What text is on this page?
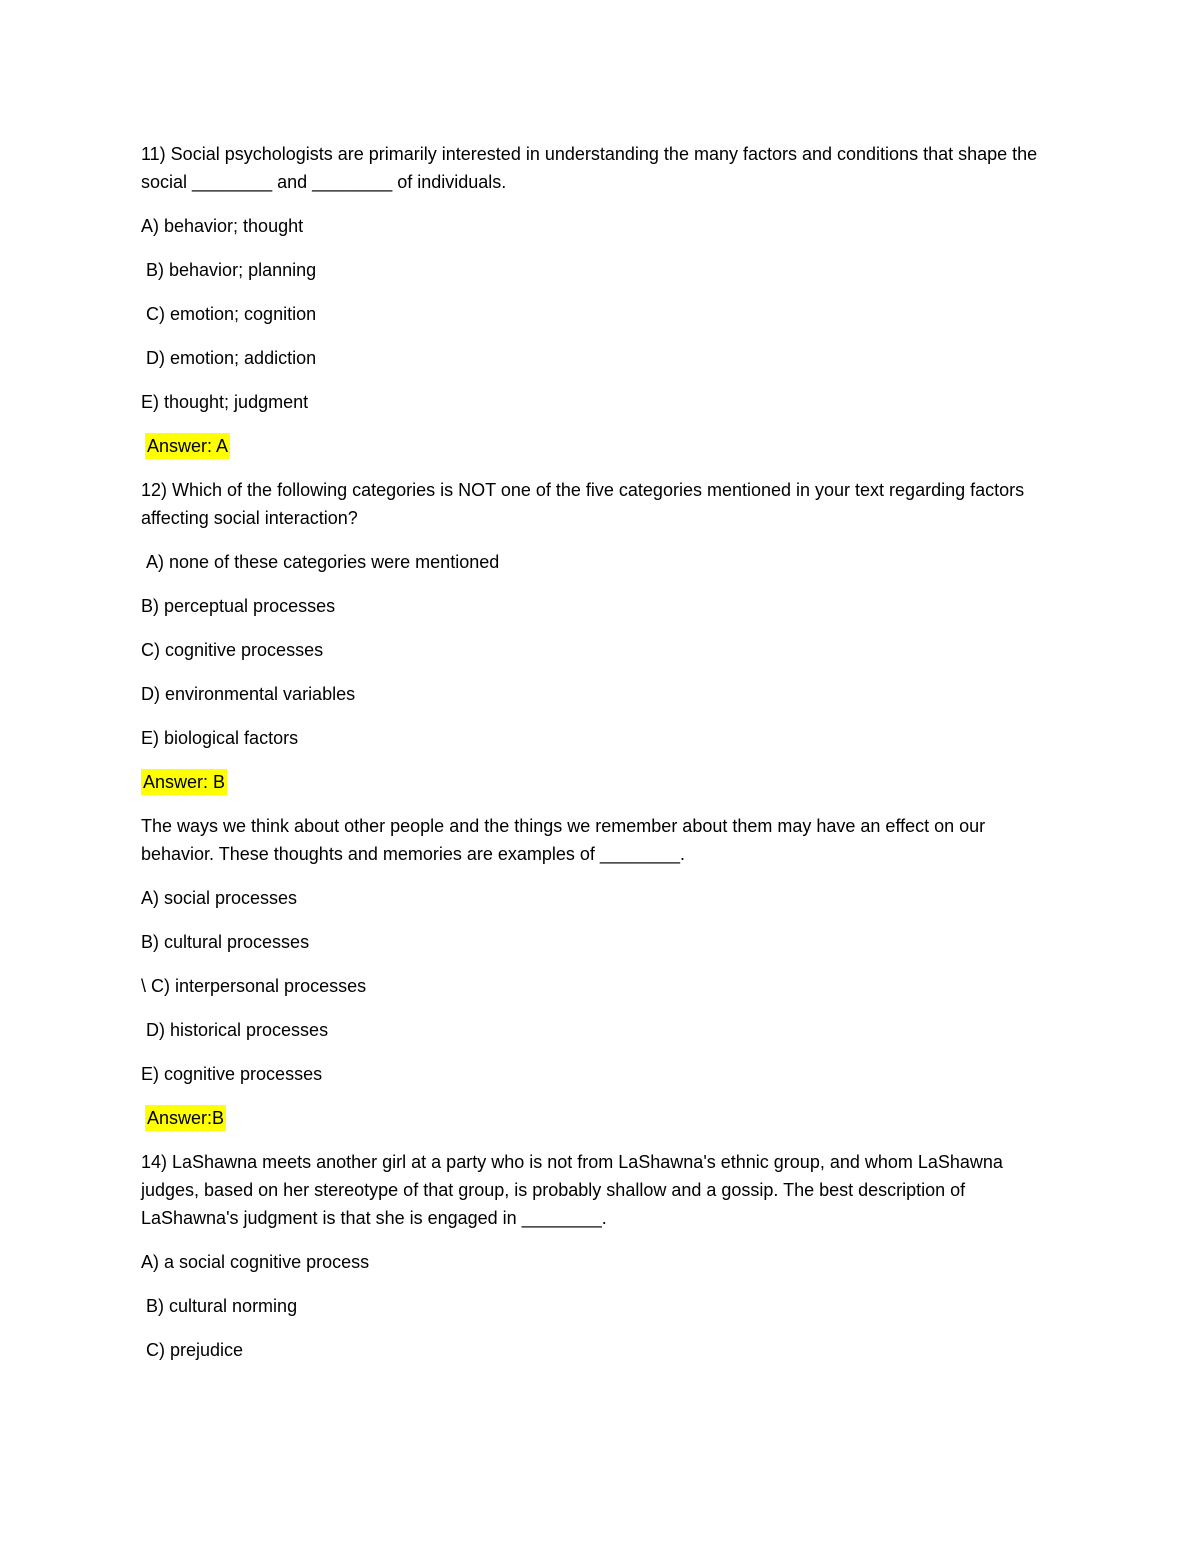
11) Social psychologists are primarily interested in understanding the many factors and conditions that shape the social ________ and ________ of individuals.
A) behavior; thought
B) behavior; planning
C) emotion; cognition
D) emotion; addiction
E) thought; judgment
Answer: A
12) Which of the following categories is NOT one of the five categories mentioned in your text regarding factors affecting social interaction?
A) none of these categories were mentioned
B) perceptual processes
C) cognitive processes
D) environmental variables
E) biological factors
Answer: B
The ways we think about other people and the things we remember about them may have an effect on our behavior. These thoughts and memories are examples of ________.
A) social processes
B) cultural processes
\ C) interpersonal processes
D) historical processes
E) cognitive processes
Answer:B
14) LaShawna meets another girl at a party who is not from LaShawna's ethnic group, and whom LaShawna judges, based on her stereotype of that group, is probably shallow and a gossip. The best description of LaShawna's judgment is that she is engaged in ________.
A) a social cognitive process
B) cultural norming
C) prejudice
